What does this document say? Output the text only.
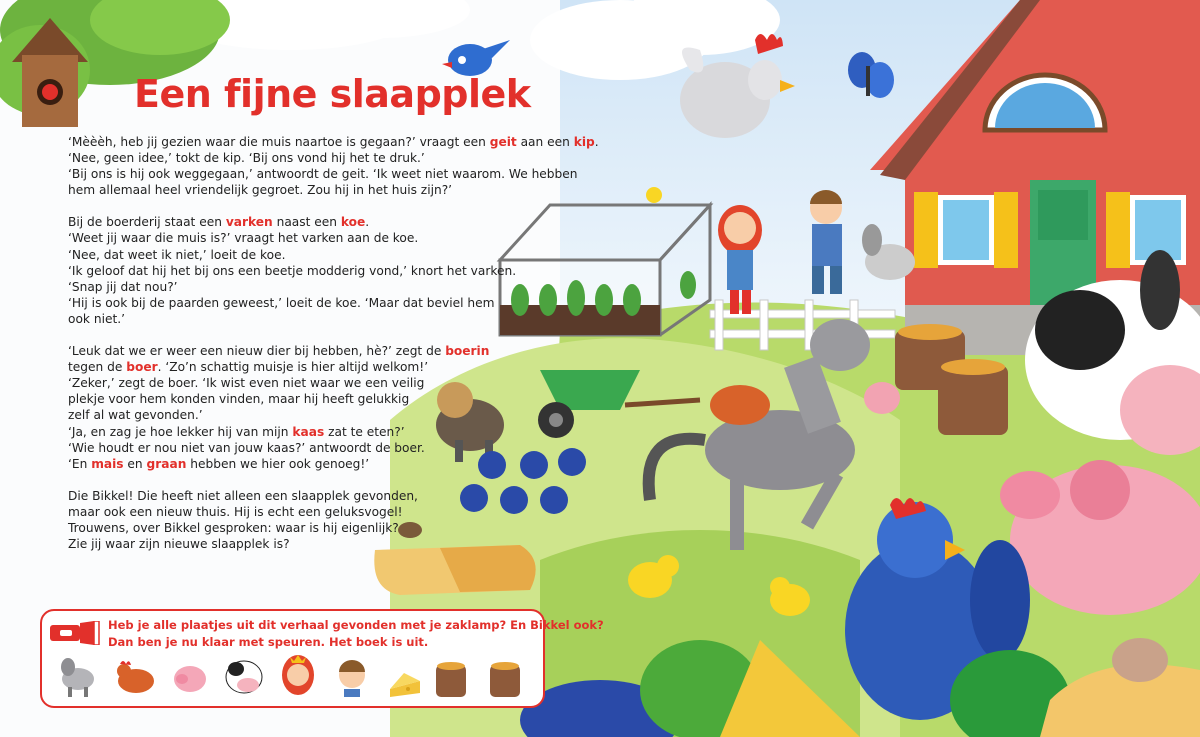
Een fijne slaapplek

‘Mèèèh, heb jij gezien waar die muis naartoe is gegaan?’ vraagt een geit aan een kip.
‘Nee, geen idee,’ tokt de kip. ‘Bij ons vond hij het te druk.’
‘Bij ons is hij ook weggegaan,’ antwoordt de geit. ‘Ik weet niet waarom. We hebben
hem allemaal heel vriendelijk gegroet. Zou hij in het huis zijn?’

Bij de boerderij staat een varken naast een koe.
‘Weet jij waar die muis is?’ vraagt het varken aan de koe.
‘Nee, dat weet ik niet,’ loeit de koe.
‘Ik geloof dat hij het bij ons een beetje modderig vond,’ knort het varken.
‘Snap jij dat nou?’
‘Hij is ook bij de paarden geweest,’ loeit de koe. ‘Maar dat beviel hem
ook niet.’

‘Leuk dat we er weer een nieuw dier bij hebben, hè?’ zegt de boerin
tegen de boer. ‘Zo’n schattig muisje is hier altijd welkom!’
‘Zeker,’ zegt de boer. ‘Ik wist even niet waar we een veilig
plekje voor hem konden vinden, maar hij heeft gelukkig
zelf al wat gevonden.’
‘Ja, en zag je hoe lekker hij van mijn kaas zat te eten?’
‘Wie houdt er nou niet van jouw kaas?’ antwoordt de boer.
‘En mais en graan hebben we hier ook genoeg!’

Die Bikkel! Die heeft niet alleen een slaapplek gevonden,
maar ook een nieuw thuis. Hij is echt een geluksvogel!
Trouwens, over Bikkel gesproken: waar is hij eigenlijk?
Zie jij waar zijn nieuwe slaapplek is?

Heb je alle plaatjes uit dit verhaal gevonden met je zaklamp? En Bikkel ook?
Dan ben je nu klaar met speuren. Het boek is uit.
